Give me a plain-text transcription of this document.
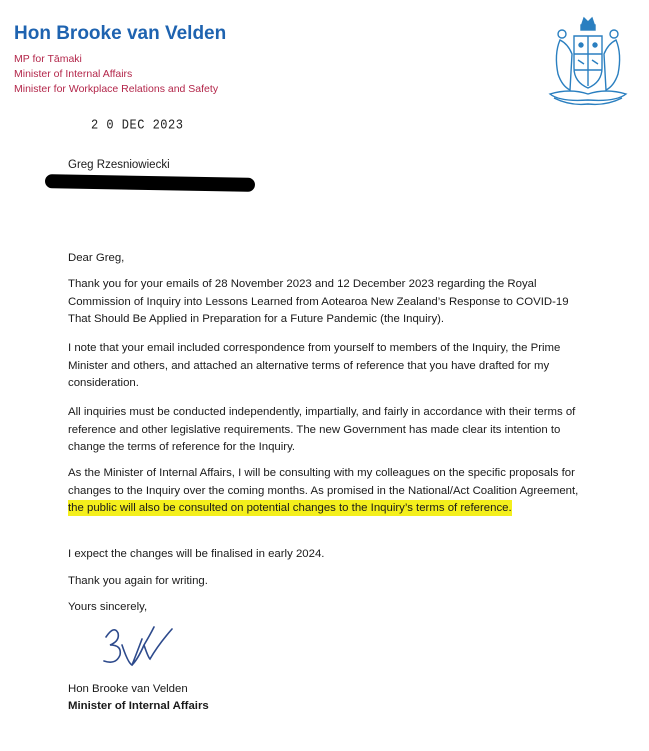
Hon Brooke van Velden
MP for Tāmaki
Minister of Internal Affairs
Minister for Workplace Relations and Safety
2 0 DEC 2023
Greg Rzesniowiecki
Dear Greg,
Thank you for your emails of 28 November 2023 and 12 December 2023 regarding the Royal Commission of Inquiry into Lessons Learned from Aotearoa New Zealand’s Response to COVID-19 That Should Be Applied in Preparation for a Future Pandemic (the Inquiry).
I note that your email included correspondence from yourself to members of the Inquiry, the Prime Minister and others, and attached an alternative terms of reference that you have drafted for my consideration.
All inquiries must be conducted independently, impartially, and fairly in accordance with their terms of reference and other legislative requirements. The new Government has made clear its intention to change the terms of reference for the Inquiry.
As the Minister of Internal Affairs, I will be consulting with my colleagues on the specific proposals for changes to the Inquiry over the coming months. As promised in the National/Act Coalition Agreement, the public will also be consulted on potential changes to the Inquiry’s terms of reference.
I expect the changes will be finalised in early 2024.
Thank you again for writing.
Yours sincerely,
Hon Brooke van Velden
Minister of Internal Affairs
